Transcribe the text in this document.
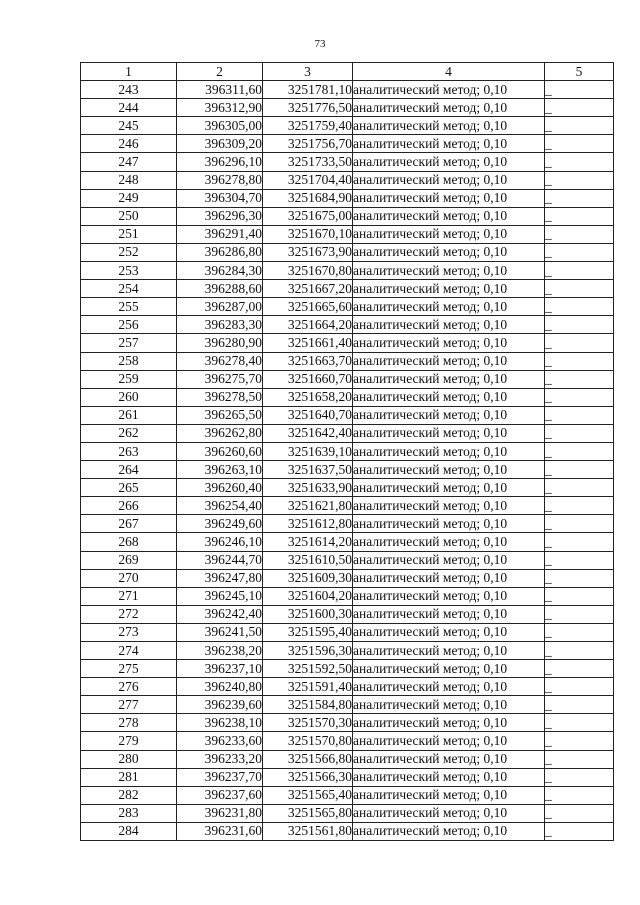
73
1	2	3	4	5
243	396311,60	3251781,10	аналитический метод; 0,10	_
244	396312,90	3251776,50	аналитический метод; 0,10	_
245	396305,00	3251759,40	аналитический метод; 0,10	_
246	396309,20	3251756,70	аналитический метод; 0,10	_
247	396296,10	3251733,50	аналитический метод; 0,10	_
248	396278,80	3251704,40	аналитический метод; 0,10	_
249	396304,70	3251684,90	аналитический метод; 0,10	_
250	396296,30	3251675,00	аналитический метод; 0,10	_
251	396291,40	3251670,10	аналитический метод; 0,10	_
252	396286,80	3251673,90	аналитический метод; 0,10	_
253	396284,30	3251670,80	аналитический метод; 0,10	_
254	396288,60	3251667,20	аналитический метод; 0,10	_
255	396287,00	3251665,60	аналитический метод; 0,10	_
256	396283,30	3251664,20	аналитический метод; 0,10	_
257	396280,90	3251661,40	аналитический метод; 0,10	_
258	396278,40	3251663,70	аналитический метод; 0,10	_
259	396275,70	3251660,70	аналитический метод; 0,10	_
260	396278,50	3251658,20	аналитический метод; 0,10	_
261	396265,50	3251640,70	аналитический метод; 0,10	_
262	396262,80	3251642,40	аналитический метод; 0,10	_
263	396260,60	3251639,10	аналитический метод; 0,10	_
264	396263,10	3251637,50	аналитический метод; 0,10	_
265	396260,40	3251633,90	аналитический метод; 0,10	_
266	396254,40	3251621,80	аналитический метод; 0,10	_
267	396249,60	3251612,80	аналитический метод; 0,10	_
268	396246,10	3251614,20	аналитический метод; 0,10	_
269	396244,70	3251610,50	аналитический метод; 0,10	_
270	396247,80	3251609,30	аналитический метод; 0,10	_
271	396245,10	3251604,20	аналитический метод; 0,10	_
272	396242,40	3251600,30	аналитический метод; 0,10	_
273	396241,50	3251595,40	аналитический метод; 0,10	_
274	396238,20	3251596,30	аналитический метод; 0,10	_
275	396237,10	3251592,50	аналитический метод; 0,10	_
276	396240,80	3251591,40	аналитический метод; 0,10	_
277	396239,60	3251584,80	аналитический метод; 0,10	_
278	396238,10	3251570,30	аналитический метод; 0,10	_
279	396233,60	3251570,80	аналитический метод; 0,10	_
280	396233,20	3251566,80	аналитический метод; 0,10	_
281	396237,70	3251566,30	аналитический метод; 0,10	_
282	396237,60	3251565,40	аналитический метод; 0,10	_
283	396231,80	3251565,80	аналитический метод; 0,10	_
284	396231,60	3251561,80	аналитический метод; 0,10	_
